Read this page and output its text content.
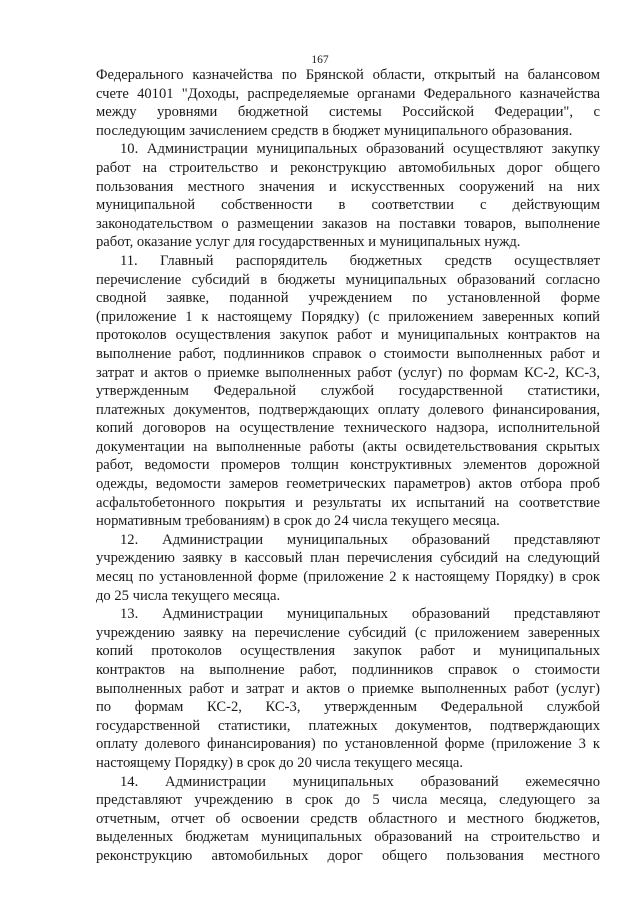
167
Федерального казначейства по Брянской области, открытый на балансовом
счете 40101 "Доходы, распределяемые органами Федерального казначейства
между уровнями бюджетной системы Российской Федерации", с
последующим зачислением средств в бюджет муниципального образования.
10. Администрации муниципальных образований осуществляют закупку
работ на строительство и реконструкцию автомобильных дорог общего
пользования местного значения и искусственных сооружений на них
муниципальной собственности в соответствии с действующим
законодательством о размещении заказов на поставки товаров, выполнение
работ, оказание услуг для государственных и муниципальных нужд.
11. Главный распорядитель бюджетных средств осуществляет
перечисление субсидий в бюджеты муниципальных образований согласно
сводной заявке, поданной учреждением по установленной форме
(приложение 1 к настоящему Порядку) (с приложением заверенных копий
протоколов осуществления закупок работ и муниципальных контрактов на
выполнение работ, подлинников справок о стоимости выполненных работ и
затрат и актов о приемке выполненных работ (услуг) по формам КС-2, КС-3,
утвержденным Федеральной службой государственной статистики,
платежных документов, подтверждающих оплату долевого финансирования,
копий договоров на осуществление технического надзора, исполнительной
документации на выполненные работы (акты освидетельствования скрытых
работ, ведомости промеров толщин конструктивных элементов дорожной
одежды, ведомости замеров геометрических параметров) актов отбора проб
асфальтобетонного покрытия и результаты их испытаний на соответствие
нормативным требованиям) в срок до 24 числа текущего месяца.
12. Администрации муниципальных образований представляют
учреждению заявку в кассовый план перечисления субсидий на следующий
месяц по установленной форме (приложение 2 к настоящему Порядку) в срок
до 25 числа текущего месяца.
13. Администрации муниципальных образований представляют
учреждению заявку на перечисление субсидий (с приложением заверенных
копий протоколов осуществления закупок работ и муниципальных
контрактов на выполнение работ, подлинников справок о стоимости
выполненных работ и затрат и актов о приемке выполненных работ (услуг)
по формам КС-2, КС-3, утвержденным Федеральной службой
государственной статистики, платежных документов, подтверждающих
оплату долевого финансирования) по установленной форме (приложение 3 к
настоящему Порядку) в срок до 20 числа текущего месяца.
14. Администрации муниципальных образований ежемесячно
представляют учреждению в срок до 5 числа месяца, следующего за
отчетным, отчет об освоении средств областного и местного бюджетов,
выделенных бюджетам муниципальных образований на строительство и
реконструкцию автомобильных дорог общего пользования местного
